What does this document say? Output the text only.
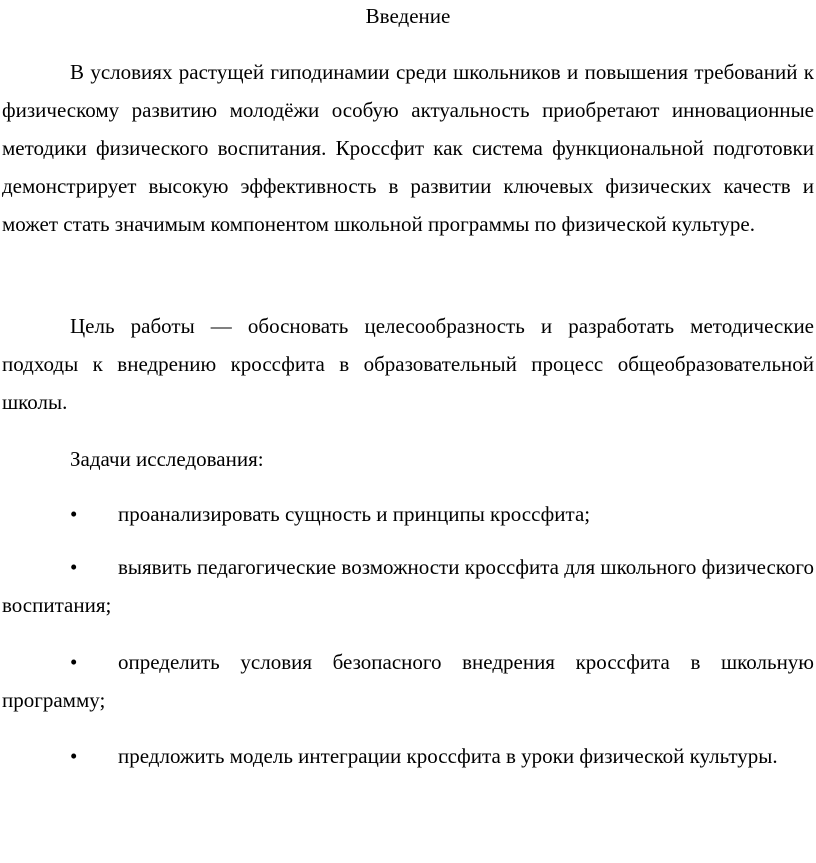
Введение

В условиях растущей гиподинамии среди школьников и повышения требований к физическому развитию молодёжи особую актуальность приобретают инновационные методики физического воспитания. Кроссфит как система функциональной подготовки демонстрирует высокую эффективность в развитии ключевых физических качеств и может стать значимым компонентом школьной программы по физической культуре.

Цель работы — обосновать целесообразность и разработать методические подходы к внедрению кроссфита в образовательный процесс общеобразовательной школы.

Задачи исследования:

• проанализировать сущность и принципы кроссфита;

• выявить педагогические возможности кроссфита для школьного физического воспитания;

• определить условия безопасного внедрения кроссфита в школьную программу;

• предложить модель интеграции кроссфита в уроки физической культуры.
